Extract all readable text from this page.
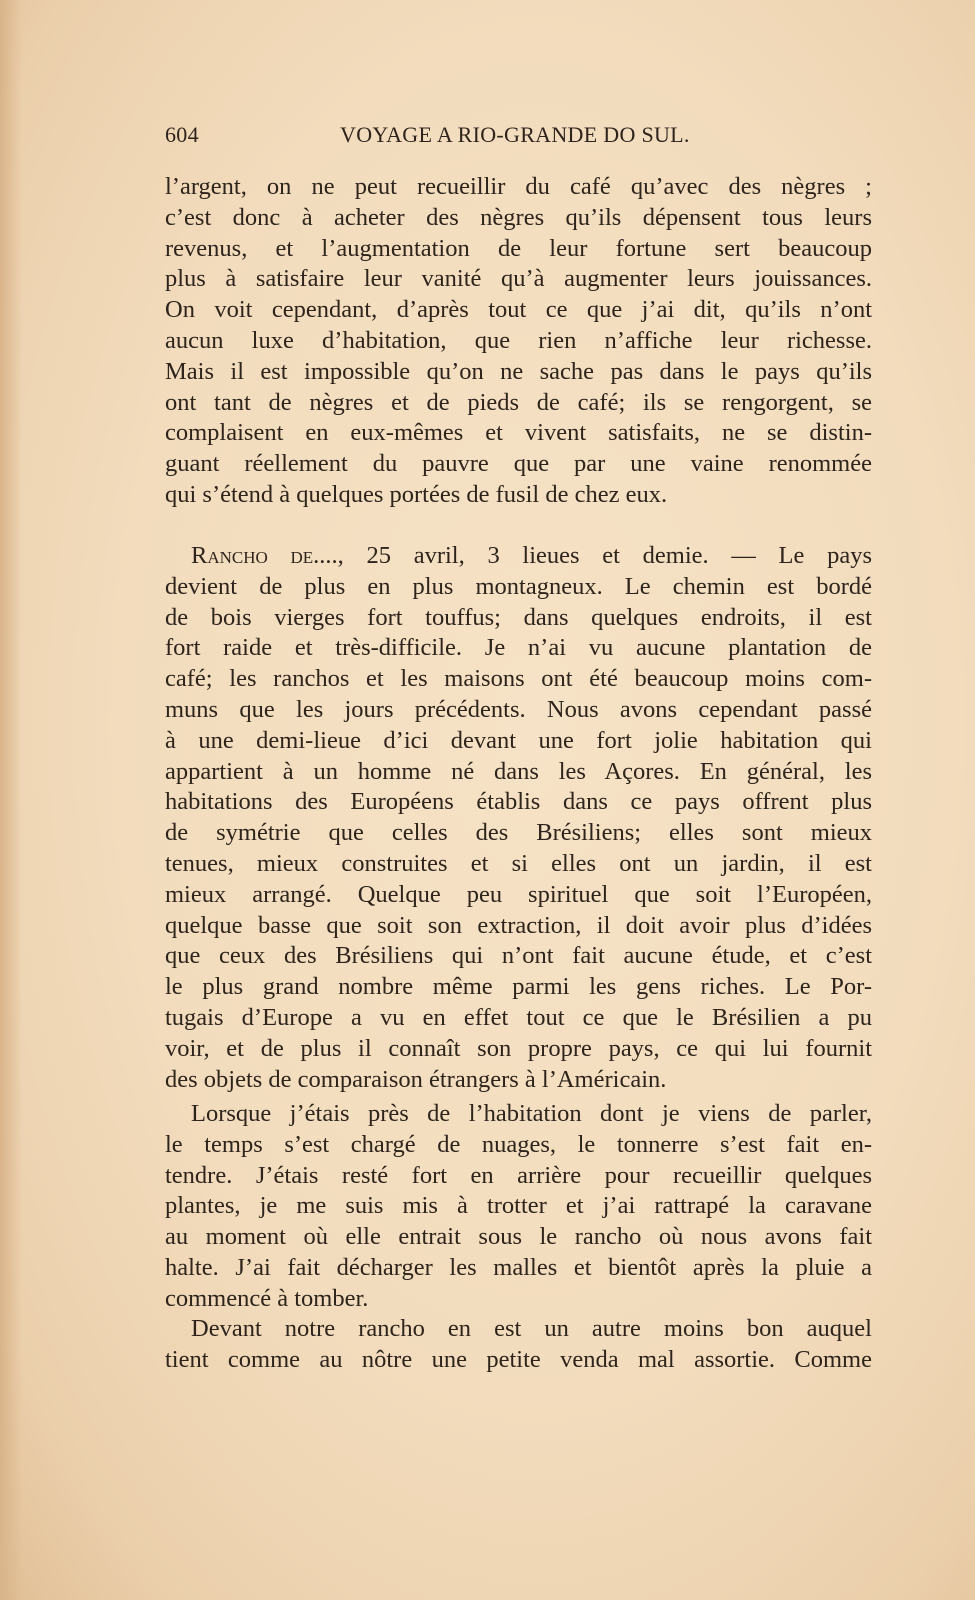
604	VOYAGE A RIO-GRANDE DO SUL.
l’argent, on ne peut recueillir du café qu’avec des nègres ;
c’est donc à acheter des nègres qu’ils dépensent tous leurs
revenus, et l’augmentation de leur fortune sert beaucoup
plus à satisfaire leur vanité qu’à augmenter leurs jouissances.
On voit cependant, d’après tout ce que j’ai dit, qu’ils n’ont
aucun luxe d’habitation, que rien n’affiche leur richesse.
Mais il est impossible qu’on ne sache pas dans le pays qu’ils
ont tant de nègres et de pieds de café; ils se rengorgent, se
complaisent en eux-mêmes et vivent satisfaits, ne se distin-
guant réellement du pauvre que par une vaine renommée
qui s’étend à quelques portées de fusil de chez eux.
Rancho de...., 25 avril, 3 lieues et demie. — Le pays
devient de plus en plus montagneux. Le chemin est bordé
de bois vierges fort touffus; dans quelques endroits, il est
fort raide et très-difficile. Je n’ai vu aucune plantation de
café; les ranchos et les maisons ont été beaucoup moins com-
muns que les jours précédents. Nous avons cependant passé
à une demi-lieue d’ici devant une fort jolie habitation qui
appartient à un homme né dans les Açores. En général, les
habitations des Européens établis dans ce pays offrent plus
de symétrie que celles des Brésiliens; elles sont mieux
tenues, mieux construites et si elles ont un jardin, il est
mieux arrangé. Quelque peu spirituel que soit l’Européen,
quelque basse que soit son extraction, il doit avoir plus d’idées
que ceux des Brésiliens qui n’ont fait aucune étude, et c’est
le plus grand nombre même parmi les gens riches. Le Por-
tugais d’Europe a vu en effet tout ce que le Brésilien a pu
voir, et de plus il connaît son propre pays, ce qui lui fournit
des objets de comparaison étrangers à l’Américain.
Lorsque j’étais près de l’habitation dont je viens de parler,
le temps s’est chargé de nuages, le tonnerre s’est fait en-
tendre. J’étais resté fort en arrière pour recueillir quelques
plantes, je me suis mis à trotter et j’ai rattrapé la caravane
au moment où elle entrait sous le rancho où nous avons fait
halte. J’ai fait décharger les malles et bientôt après la pluie a
commencé à tomber.
Devant notre rancho en est un autre moins bon auquel
tient comme au nôtre une petite venda mal assortie. Comme
